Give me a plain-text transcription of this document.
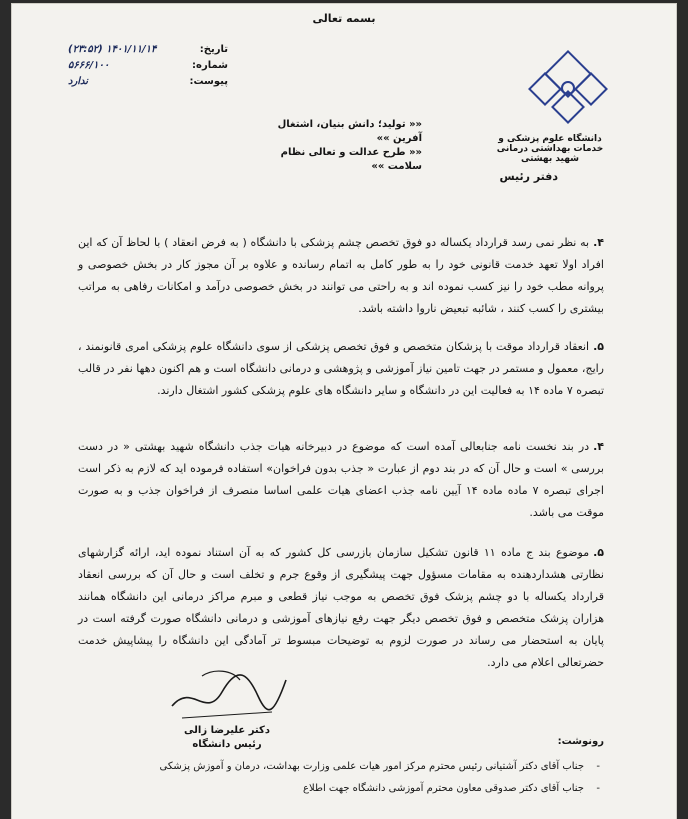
بسمه تعالی
تاریخ:
۱۴۰۱/۱۱/۱۴ (۲۳:۵۲)
شماره:
۵۶۶۶/۱۰۰
پیوست:
ندارد
«« تولید؛ دانش بنیان، اشتغال آفرین »»
«« طرح عدالت و تعالی نظام سلامت »»
دانشگاه علوم پزشکی و خدمات بهداشتی درمانی شهید بهشتی
دفتر رئیس
۴.به نظر نمی رسد قرارداد یکساله دو فوق تخصص چشم پزشکی با دانشگاه ( به فرض انعقاد ) با لحاظ آن که این افراد اولا تعهد خدمت قانونی خود را به طور کامل به اتمام رسانده و علاوه بر آن مجوز کار در بخش خصوصی و پروانه مطب خود را نیز کسب نموده اند و به راحتی می توانند در بخش خصوصی درآمد و امکانات رفاهی به مراتب بیشتری را کسب کنند ، شائبه تبعیض ناروا داشته باشد.
۵.انعقاد قرارداد موقت با پزشکان متخصص و فوق تخصص پزشکی از سوی دانشگاه علوم پزشکی امری قانونمند ، رایج، معمول و مستمر در جهت تامین نیاز آموزشی و پژوهشی و درمانی دانشگاه است و هم اکنون دهها نفر در قالب تبصره ۷ ماده ۱۴ به فعالیت این در دانشگاه و سایر دانشگاه های علوم پزشکی کشور اشتغال دارند.
۴.در بند نخست نامه جنابعالی آمده است که موضوع در دبیرخانه هیات جذب دانشگاه شهید بهشتی « در دست بررسی » است و حال آن که در بند دوم از عبارت « جذب بدون فراخوان» استفاده فرموده اید که لازم به ذکر است اجرای تبصره ۷ ماده ماده ۱۴ آیین نامه جذب اعضای هیات علمی اساسا منصرف از فراخوان جذب و به صورت موقت می باشد.
۵.موضوع بند ج ماده ۱۱ قانون تشکیل سازمان بازرسی کل کشور که به آن استناد نموده اید، ارائه گزارشهای نظارتی هشداردهنده به مقامات مسؤول جهت پیشگیری از وقوع جرم و تخلف است و حال آن که بررسی انعقاد قرارداد یکساله با دو چشم پزشک فوق تخصص به موجب نیاز قطعی و مبرم مراکز درمانی این دانشگاه همانند هزاران پزشک متخصص و فوق تخصص دیگر جهت رفع نیازهای آموزشی و درمانی دانشگاه صورت گرفته است در پایان به استحضار می رساند در صورت لزوم به توضیحات مبسوط تر آمادگی این دانشگاه را پیشاپیش خدمت حضرتعالی اعلام می دارد.
دکتر علیرضا زالی
رئیس دانشگاه	رونوشت:
- جناب آقای دکتر آشتیانی رئیس محترم مرکز امور هیات علمی وزارت بهداشت، درمان و آموزش پزشکی
- جناب آقای دکتر صدوقی معاون محترم آموزشی دانشگاه جهت اطلاع
